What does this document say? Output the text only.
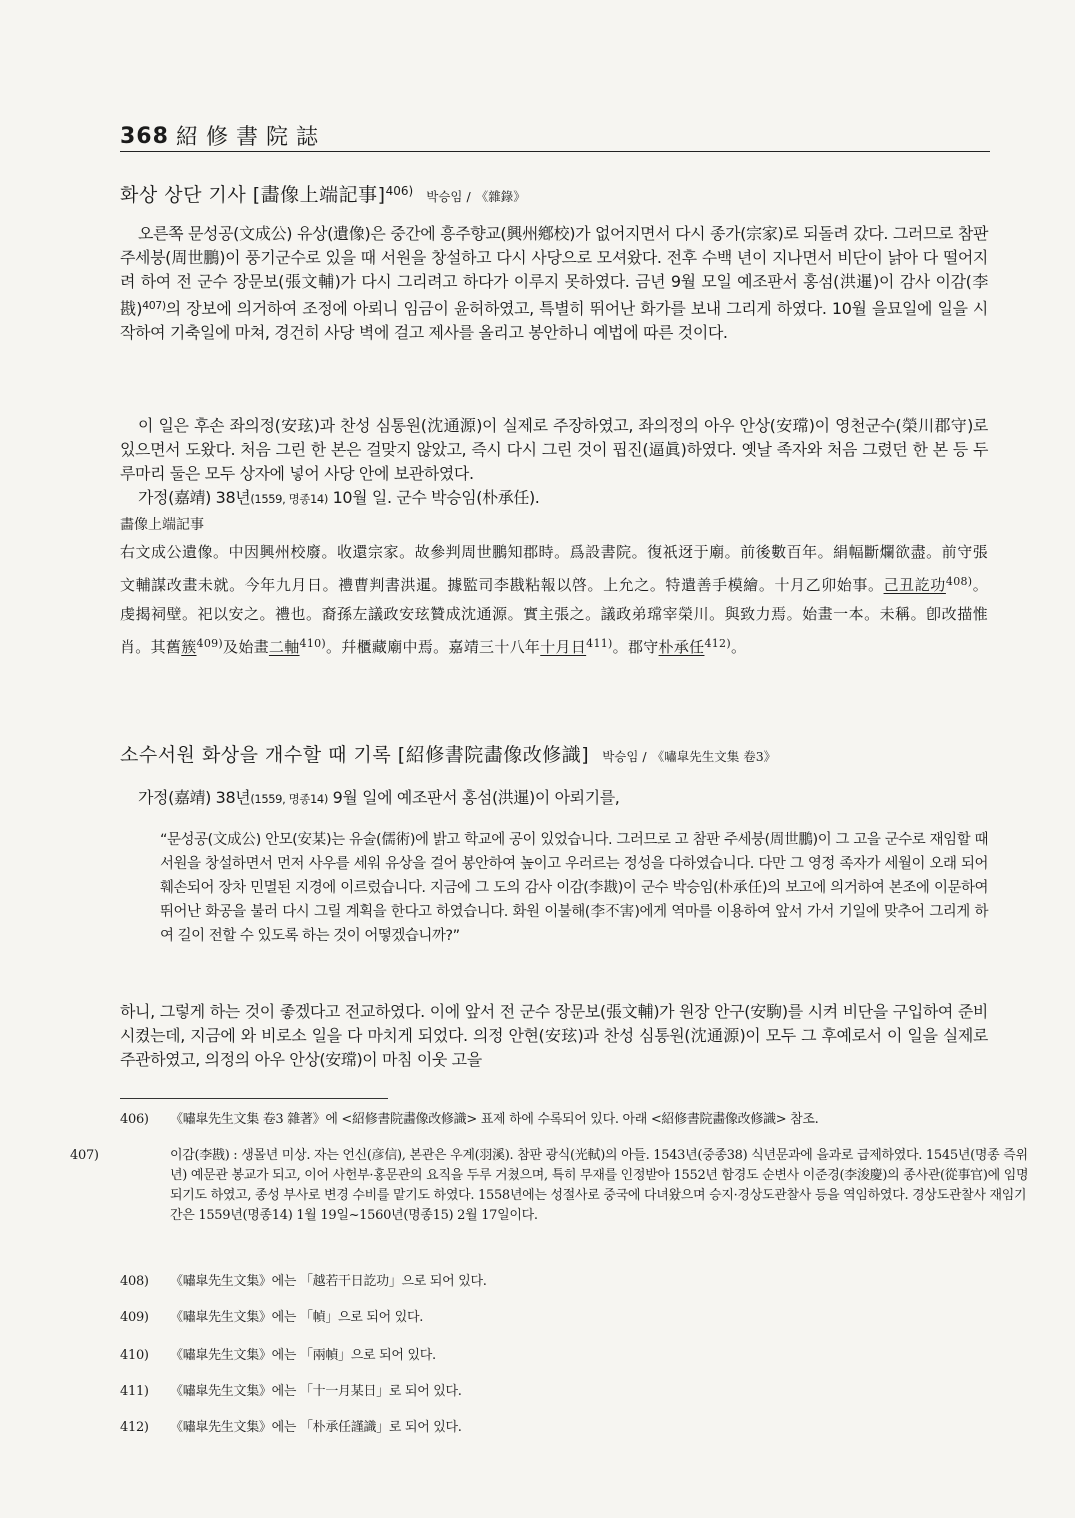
368 紹修書院誌
화상 상단 기사 [畵像上端記事]$^{406)}$ 박승임 / 《雜錄》
오른쪽 문성공(文成公) 유상(遺像)은 중간에 흥주향교(興州鄕校)가 없어지면서 다시 종가(宗家)로 되돌려 갔다. 그러므로 참판 주세붕(周世鵬)이 풍기군수로 있을 때 서원을 창설하고 다시 사당으로 모셔왔다. 전후 수백 년이 지나면서 비단이 낡아 다 떨어지려 하여 전 군수 장문보(張文輔)가 다시 그리려고 하다가 이루지 못하였다. 금년 9월 모일 예조판서 홍섬(洪暹)이 감사 이감(李戡)$^{407)}$의 장보에 의거하여 조정에 아뢰니 임금이 윤허하였고, 특별히 뛰어난 화가를 보내 그리게 하였다. 10월 을묘일에 일을 시작하여 기축일에 마쳐, 경건히 사당 벽에 걸고 제사를 올리고 봉안하니 예법에 따른 것이다.
이 일은 후손 좌의정(安玹)과 찬성 심통원(沈通源)이 실제로 주장하였고, 좌의정의 아우 안상(安瑺)이 영천군수(榮川郡守)로 있으면서 도왔다. 처음 그린 한 본은 걸맞지 않았고, 즉시 다시 그린 것이 핍진(逼眞)하였다. 옛날 족자와 처음 그렸던 한 본 등 두루마리 둘은 모두 상자에 넣어 사당 안에 보관하였다.
가정(嘉靖) 38년(1559, 명종14) 10월 일. 군수 박승임(朴承任).
畵像上端記事
右文成公遺像。中因興州校廢。收還宗家。故參判周世鵬知郡時。爲設書院。復祇迓于廟。前後數百年。絹幅斷爛欲盡。前守張文輔謀改畫未就。今年九月日。禮曹判書洪暹。據監司李戡粘報以啓。上允之。特遣善手模繪。十月乙卯始事。己丑訖功$^{408)}$。虔揭祠壁。祀以安之。禮也。裔孫左議政安玹贊成沈通源。實主張之。議政弟瑺宰榮川。與致力焉。始畫一本。未稱。卽改描惟肖。其舊簇$^{409)}$及始畫二軸$^{410)}$。幷櫃藏廟中焉。嘉靖三十八年十月日$^{411)}$。郡守朴承任$^{412)}$。
소수서원 화상을 개수할 때 기록 [紹修書院畵像改修識] 박승임 / 《嘯皐先生文集 卷3》
가정(嘉靖) 38년(1559, 명종14) 9월 일에 예조판서 홍섬(洪暹)이 아뢰기를,
“문성공(文成公) 안모(安某)는 유술(儒術)에 밝고 학교에 공이 있었습니다. 그러므로 고 참판 주세붕(周世鵬)이 그 고을 군수로 재임할 때 서원을 창설하면서 먼저 사우를 세워 유상을 걸어 봉안하여 높이고 우러르는 정성을 다하였습니다. 다만 그 영정 족자가 세월이 오래 되어 훼손되어 장차 민멸된 지경에 이르렀습니다. 지금에 그 도의 감사 이감(李戡)이 군수 박승임(朴承任)의 보고에 의거하여 본조에 이문하여 뛰어난 화공을 불러 다시 그릴 계획을 한다고 하였습니다. 화원 이불해(李不害)에게 역마를 이용하여 앞서 가서 기일에 맞추어 그리게 하여 길이 전할 수 있도록 하는 것이 어떻겠습니까?”
하니, 그렇게 하는 것이 좋겠다고 전교하였다. 이에 앞서 전 군수 장문보(張文輔)가 원장 안구(安駒)를 시켜 비단을 구입하여 준비시켰는데, 지금에 와 비로소 일을 다 마치게 되었다. 의정 안현(安玹)과 찬성 심통원(沈通源)이 모두 그 후예로서 이 일을 실제로 주관하였고, 의정의 아우 안상(安瑺)이 마침 이웃 고을
406) 《嘯皐先生文集 卷3 雜著》에 <紹修書院畵像改修識> 표제 하에 수록되어 있다. 아래 <紹修書院畵像改修識> 참조.
407)	이감(李戡) : 생몰년 미상. 자는 언신(彦信), 본관은 우계(羽溪). 참판 광식(光軾)의 아들. 1543년(중종38) 식년문과에 을과로 급제하였다. 1545년(명종 즉위년) 예문관 봉교가 되고, 이어 사헌부·홍문관의 요직을 두루 거쳤으며, 특히 무재를 인정받아 1552년 함경도 순변사 이준경(李浚慶)의 종사관(從事官)에 임명되기도 하였고, 종성 부사로 변경 수비를 맡기도 하였다. 1558년에는 성절사로 중국에 다녀왔으며 승지·경상도관찰사 등을 역임하였다. 경상도관찰사 재임기간은 1559년(명종14) 1월 19일~1560년(명종15) 2월 17일이다.
408) 《嘯皐先生文集》에는 「越若干日訖功」으로 되어 있다.
409) 《嘯皐先生文集》에는 「幀」으로 되어 있다.
410) 《嘯皐先生文集》에는 「兩幀」으로 되어 있다.
411) 《嘯皐先生文集》에는 「十一月某日」로 되어 있다.
412) 《嘯皐先生文集》에는 「朴承任謹識」로 되어 있다.
